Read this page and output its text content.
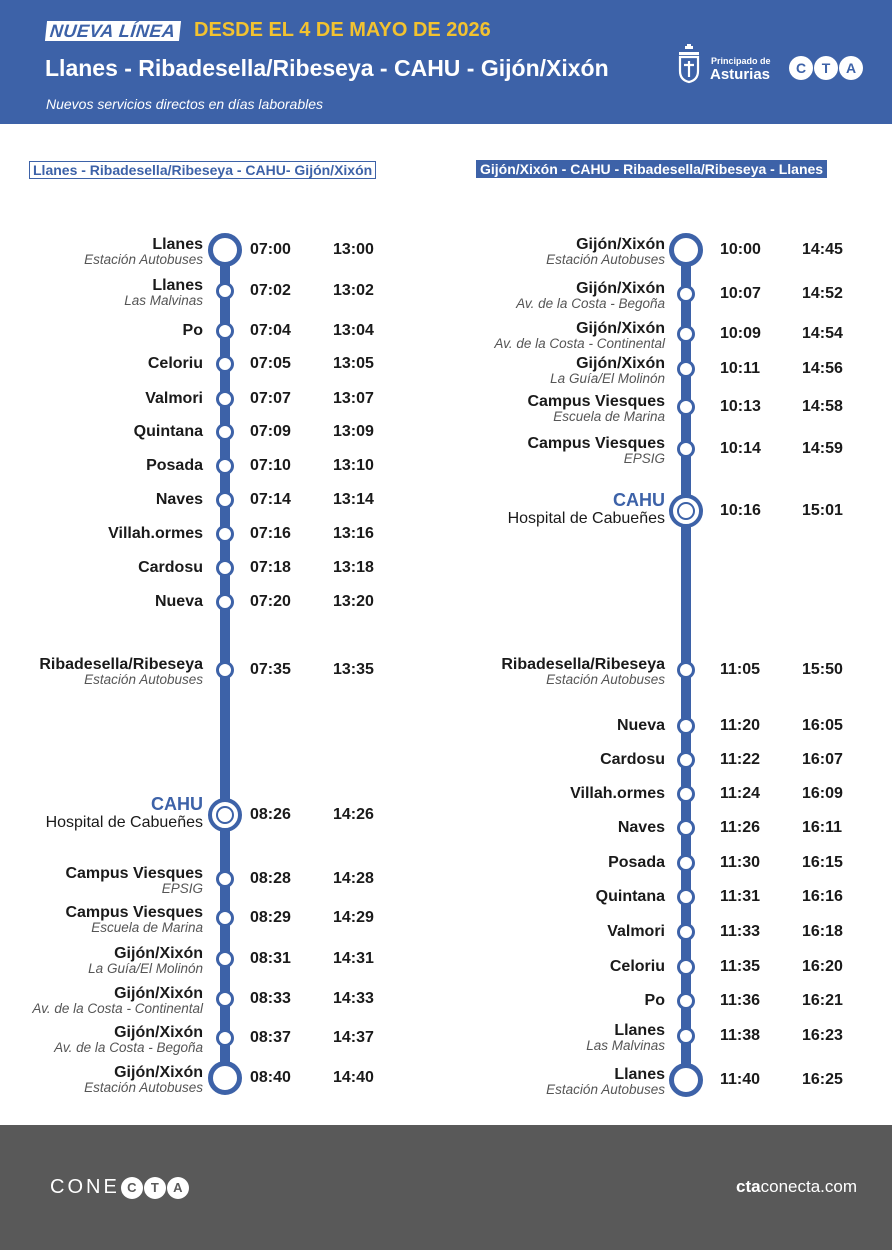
NUEVA LÍNEA DESDE EL 4 DE MAYO DE 2026
Llanes - Ribadesella/Ribeseya - CAHU - Gijón/Xixón
Nuevos servicios directos en días laborables
Principado de
Asturias	C	T	A
Llanes - Ribadesella/Ribeseya - CAHU- Gijón/Xixón	Gijón/Xixón - CAHU - Ribadesella/Ribeseya - Llanes
Llanes
Estación Autobuses
07:00	13:00
Llanes
Las Malvinas
07:02	13:02
Po	07:04	13:04
Celoriu	07:05	13:05
Valmori	07:07	13:07
Quintana	07:09	13:09
Posada	07:10	13:10
Naves	07:14	13:14
Villah.ormes	07:16	13:16
Cardosu	07:18	13:18
Nueva	07:20	13:20
Ribadesella/Ribeseya
Estación Autobuses
07:35	13:35
CAHU
Hospital de Cabueñes	08:26	14:26
Campus Viesques
EPSIG
08:28	14:28
Campus Viesques
Escuela de Marina
08:29	14:29
Gijón/Xixón
La Guía/El Molinón
08:31	14:31
Gijón/Xixón
Av. de la Costa - Continental
08:33	14:33
Gijón/Xixón
Av. de la Costa - Begoña
08:37	14:37
Gijón/Xixón
Estación Autobuses
08:40	14:40
Gijón/Xixón
Estación Autobuses
10:00	14:45
Gijón/Xixón
Av. de la Costa - Begoña
10:07	14:52
Gijón/Xixón
Av. de la Costa - Continental
10:09	14:54
Gijón/Xixón
La Guía/El Molinón
10:11	14:56
Campus Viesques
Escuela de Marina
10:13	14:58
Campus Viesques
EPSIG
10:14	14:59
CAHU
Hospital de Cabueñes	10:16	15:01
Ribadesella/Ribeseya
Estación Autobuses
11:05	15:50
Nueva	11:20	16:05
Cardosu	11:22	16:07
Villah.ormes	11:24	16:09
Naves	11:26	16:11
Posada	11:30	16:15
Quintana	11:31	16:16
Valmori	11:33	16:18
Celoriu	11:35	16:20
Po	11:36	16:21
Llanes
Las Malvinas
11:38	16:23
Llanes
Estación Autobuses
11:40	16:25
CONE C	T	A	ctaconecta.com
